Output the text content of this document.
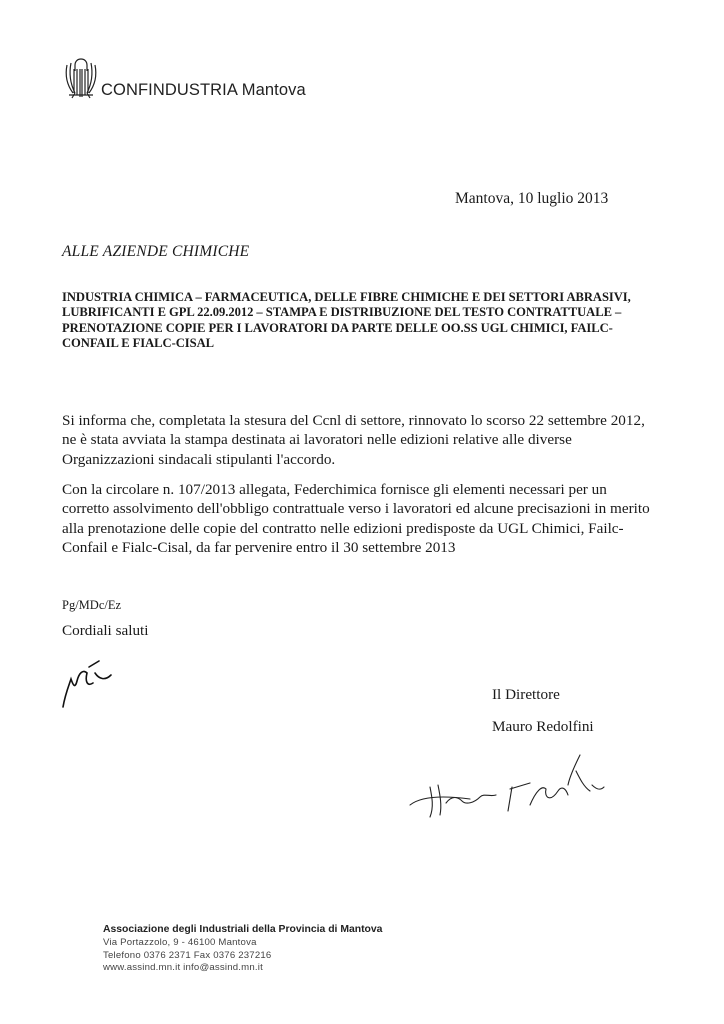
CONFINDUSTRIA Mantova
Mantova, 10 luglio 2013
ALLE AZIENDE CHIMICHE
INDUSTRIA CHIMICA – FARMACEUTICA, DELLE FIBRE CHIMICHE E DEI SETTORI ABRASIVI, LUBRIFICANTI E GPL 22.09.2012 – STAMPA E DISTRIBUZIONE DEL TESTO CONTRATTUALE – PRENOTAZIONE COPIE PER I LAVORATORI DA PARTE DELLE OO.SS UGL CHIMICI, FAILC-CONFAIL E FIALC-CISAL
Si informa che, completata la stesura del Ccnl di settore, rinnovato lo scorso 22 settembre 2012,
ne è stata avviata la stampa destinata ai lavoratori nelle edizioni relative alle diverse
Organizzazioni sindacali stipulanti l'accordo.
Con la circolare n. 107/2013 allegata, Federchimica fornisce gli elementi necessari per un
corretto assolvimento dell'obbligo contrattuale verso i lavoratori ed alcune precisazioni in merito
alla prenotazione delle copie del contratto nelle edizioni predisposte da UGL Chimici, Failc-
Confail e Fialc-Cisal, da far pervenire entro il 30 settembre 2013
Pg/MDc/Ez
Cordiali saluti
Il Direttore
Mauro Redolfini
Associazione degli Industriali della Provincia di Mantova
Via Portazzolo, 9 - 46100 Mantova
Telefono 0376 2371 Fax 0376 237216
www.assind.mn.it info@assind.mn.it
